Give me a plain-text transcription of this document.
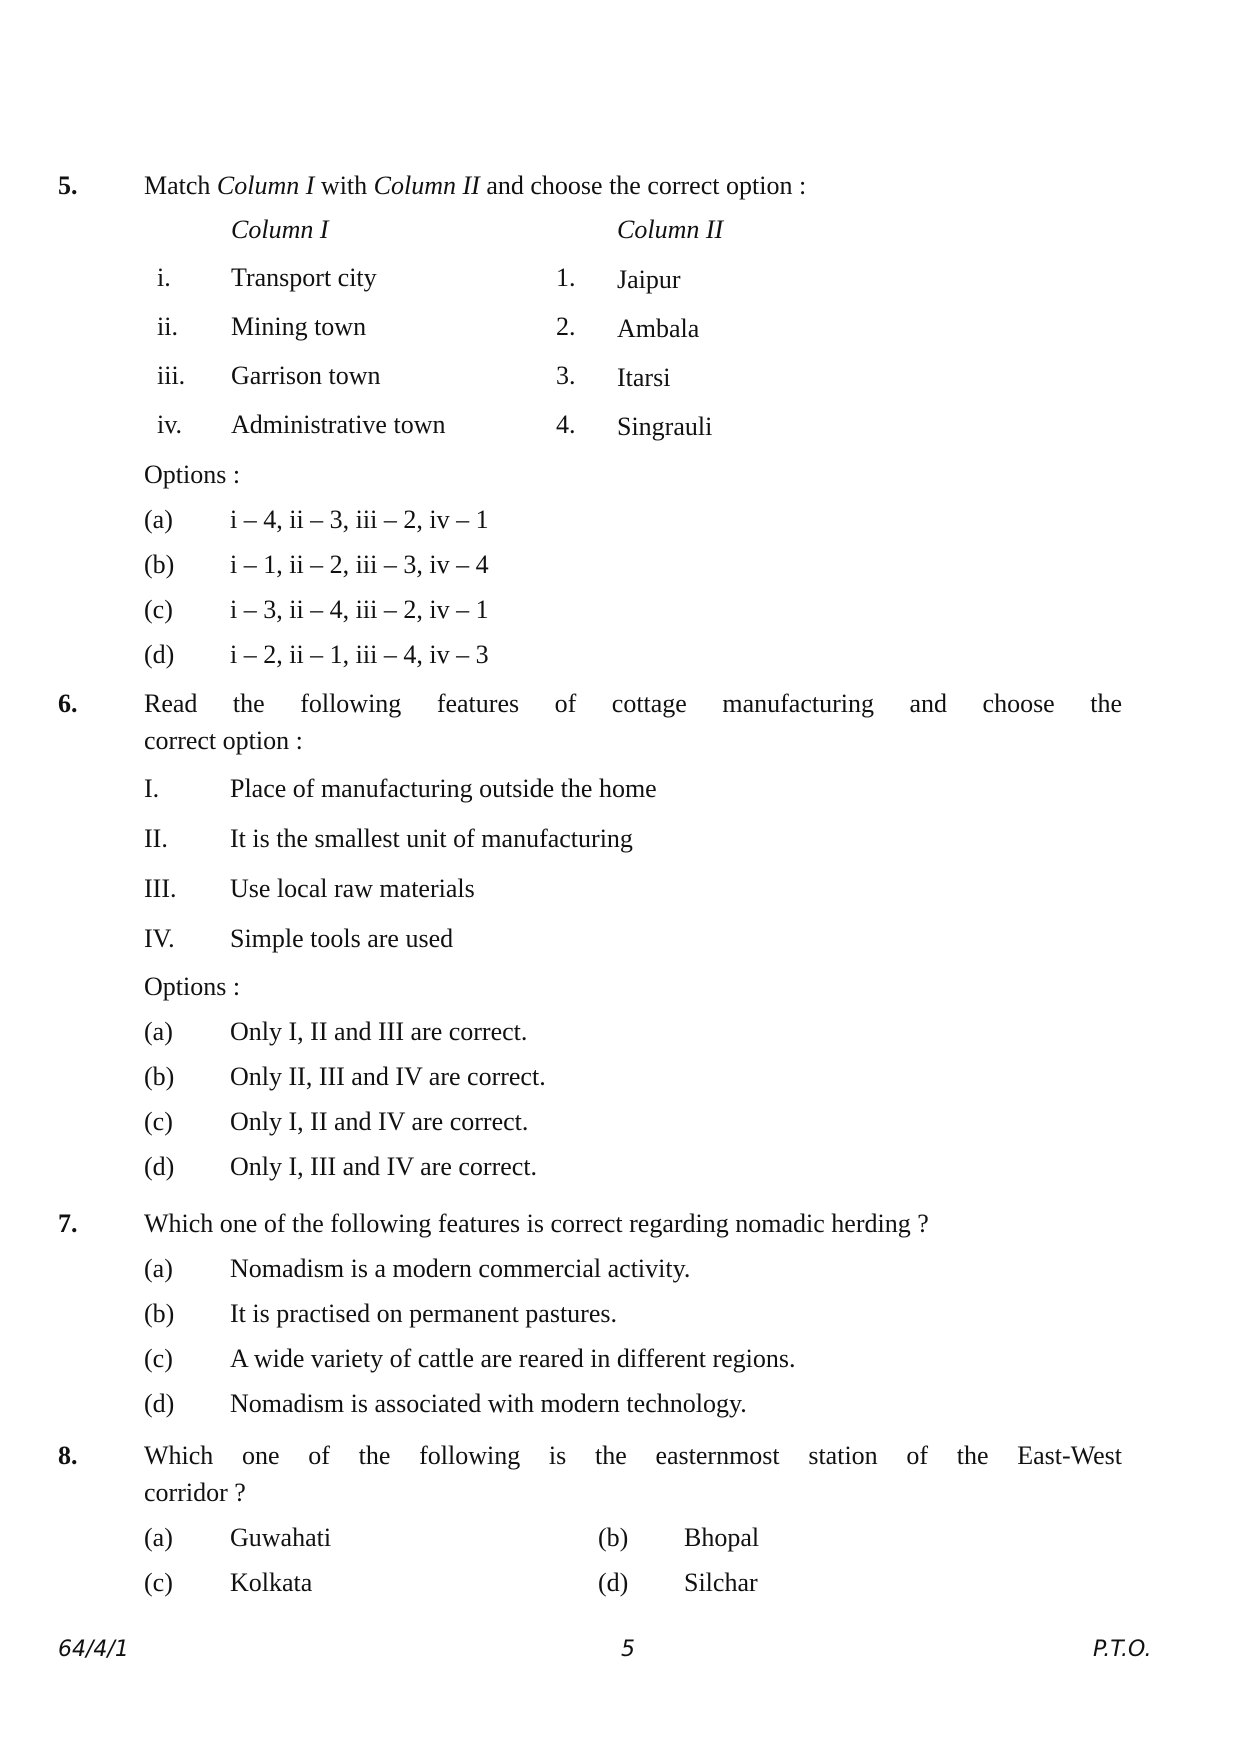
5.	Match Column I with Column II and choose the correct option :
Column I	Column II
i. Transport city	1. Jaipur
ii. Mining town	2. Ambala
iii. Garrison town	3. Itarsi
iv. Administrative town	4. Singrauli
Options :
(a) i – 4, ii – 3, iii – 2, iv – 1
(b) i – 1, ii – 2, iii – 3, iv – 4
(c) i – 3, ii – 4, iii – 2, iv – 1
(d) i – 2, ii – 1, iii – 4, iv – 3
6.	Read the following features of cottage manufacturing and choose the
correct option :
I.	Place of manufacturing outside the home
II. It is the smallest unit of manufacturing
III. Use local raw materials
IV. Simple tools are used
Options :
(a) Only I, II and III are correct.
(b) Only II, III and IV are correct.
(c) Only I, II and IV are correct.
(d) Only I, III and IV are correct.
7.	Which one of the following features is correct regarding nomadic herding ?
(a) Nomadism is a modern commercial activity.
(b) It is practised on permanent pastures.
(c) A wide variety of cattle are reared in different regions.
(d) Nomadism is associated with modern technology.
8.	Which one of the following is the easternmost station of the East-West
corridor ?
(a) Guwahati	(b) Bhopal
(c) Kolkata	(d) Silchar
64/4/1	5	P.T.O.
